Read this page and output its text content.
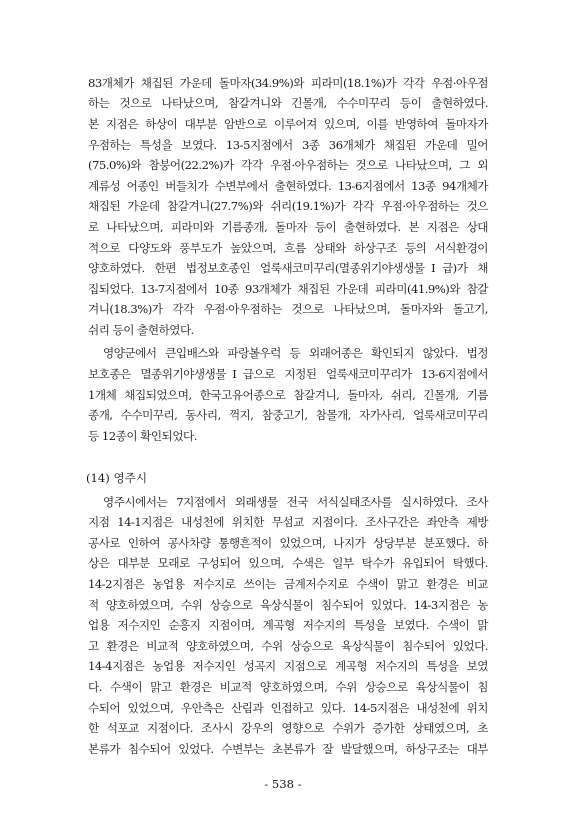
83개체가 채집된 가운데 돌마자(34.9%)와 피라미(18.1%)가 각각 우점·아우점
하는 것으로 나타났으며, 참갈겨니와 긴몰개, 수수미꾸리 등이 출현하였다.
본 지점은 하상이 대부분 암반으로 이루어져 있으며, 이를 반영하여 돌마자가
우점하는 특성을 보였다. 13-5지점에서 3종 36개체가 채집된 가운데 밀어
(75.0%)와 참붕어(22.2%)가 각각 우점·아우점하는 것으로 나타났으며, 그 외
계류성 어종인 버들치가 수변부에서 출현하였다. 13-6지점에서 13종 94개체가
채집된 가운데 참갈겨니(27.7%)와 쉬리(19.1%)가 각각 우점·아우점하는 것으
로 나타났으며, 피라미와 기름종개, 돌마자 등이 출현하였다. 본 지점은 상대
적으로 다양도와 풍부도가 높았으며, 흐름 상태와 하상구조 등의 서식환경이
양호하였다. 한편 법정보호종인 얼룩새코미꾸리(멸종위기야생생물Ⅰ급)가 채
집되었다. 13-7지점에서 10종 93개체가 채집된 가운데 피라미(41.9%)와 참갈
겨니(18.3%)가 각각 우점·아우점하는 것으로 나타났으며, 돌마자와 돌고기,
쉬리 등이 출현하였다.
영양군에서 큰입배스와 파랑볼우럭 등 외래어종은 확인되지 않았다. 법정
보호종은 멸종위기야생생물Ⅰ급으로 지정된 얼룩새코미꾸리가 13-6지점에서
1개체 채집되었으며, 한국고유어종으로 참갈겨니, 돌마자, 쉬리, 긴몰개, 기름
종개, 수수미꾸리, 동사리, 꺽지, 참중고기, 참몰개, 자가사리, 얼룩새코미꾸리
등 12종이 확인되었다.
(14) 영주시
영주시에서는 7지점에서 외래생물 전국 서식실태조사를 실시하였다. 조사
지점 14-1지점은 내성천에 위치한 무섬교 지점이다. 조사구간은 좌안측 제방
공사로 인하여 공사차량 통행흔적이 있었으며, 나지가 상당부분 분포했다. 하
상은 대부분 모래로 구성되어 있으며, 수색은 일부 탁수가 유입되어 탁했다.
14-2지점은 농업용 저수지로 쓰이는 금계저수지로 수색이 맑고 환경은 비교
적 양호하였으며, 수위 상승으로 육상식물이 침수되어 있었다. 14-3지점은 농
업용 저수지인 순흥지 지점이며, 계곡형 저수지의 특성을 보였다. 수색이 맑
고 환경은 비교적 양호하였으며, 수위 상승으로 육상식물이 침수되어 있었다.
14-4지점은 농업용 저수지인 성곡지 지점으로 계곡형 저수지의 특성을 보였
다. 수색이 맑고 환경은 비교적 양호하였으며, 수위 상승으로 육상식물이 침
수되어 있었으며, 우안측은 산림과 인접하고 있다. 14-5지점은 내성천에 위치
한 석포교 지점이다. 조사시 강우의 영향으로 수위가 증가한 상태였으며, 초
본류가 침수되어 있었다. 수변부는 초본류가 잘 발달했으며, 하상구조는 대부
- 538 -
